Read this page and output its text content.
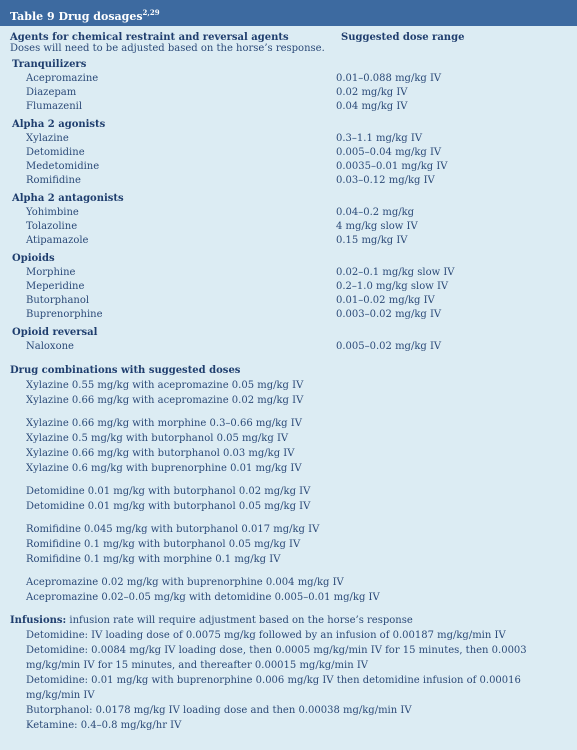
Table 9 Drug dosages$^{2,29}$
Agents for chemical restraint and reversal agents	Suggested dose range
Doses will need to be adjusted based on the horse’s response.
Tranquilizers
Acepromazine	0.01–0.088 mg/kg IV
Diazepam	0.02 mg/kg IV
Flumazenil	0.04 mg/kg IV
Alpha 2 agonists
Xylazine	0.3–1.1 mg/kg IV
Detomidine	0.005–0.04 mg/kg IV
Medetomidine	0.0035–0.01 mg/kg IV
Romifidine	0.03–0.12 mg/kg IV
Alpha 2 antagonists
Yohimbine	0.04–0.2 mg/kg
Tolazoline	4 mg/kg slow IV
Atipamazole	0.15 mg/kg IV
Opioids
Morphine	0.02–0.1 mg/kg slow IV
Meperidine	0.2–1.0 mg/kg slow IV
Butorphanol	0.01–0.02 mg/kg IV
Buprenorphine	0.003–0.02 mg/kg IV
Opioid reversal
Naloxone	0.005–0.02 mg/kg IV
Drug combinations with suggested doses
Xylazine 0.55 mg/kg with acepromazine 0.05 mg/kg IV
Xylazine 0.66 mg/kg with acepromazine 0.02 mg/kg IV
Xylazine 0.66 mg/kg with morphine 0.3–0.66 mg/kg IV
Xylazine 0.5 mg/kg with butorphanol 0.05 mg/kg IV
Xylazine 0.66 mg/kg with butorphanol 0.03 mg/kg IV
Xylazine 0.6 mg/kg with buprenorphine 0.01 mg/kg IV
Detomidine 0.01 mg/kg with butorphanol 0.02 mg/kg IV
Detomidine 0.01 mg/kg with butorphanol 0.05 mg/kg IV
Romifidine 0.045 mg/kg with butorphanol 0.017 mg/kg IV
Romifidine 0.1 mg/kg with butorphanol 0.05 mg/kg IV
Romifidine 0.1 mg/kg with morphine 0.1 mg/kg IV
Acepromazine 0.02 mg/kg with buprenorphine 0.004 mg/kg IV
Acepromazine 0.02–0.05 mg/kg with detomidine 0.005–0.01 mg/kg IV
Infusions: infusion rate will require adjustment based on the horse’s response
Detomidine: IV loading dose of 0.0075 mg/kg followed by an infusion of 0.00187 mg/kg/min IV
Detomidine: 0.0084 mg/kg IV loading dose, then 0.0005 mg/kg/min IV for 15 minutes, then 0.0003 mg/kg/min IV for 15 minutes, and thereafter 0.00015 mg/kg/min IV
Detomidine: 0.01 mg/kg with buprenorphine 0.006 mg/kg IV then detomidine infusion of 0.00016 mg/kg/min IV
Butorphanol: 0.0178 mg/kg IV loading dose and then 0.00038 mg/kg/min IV
Ketamine: 0.4–0.8 mg/kg/hr IV
